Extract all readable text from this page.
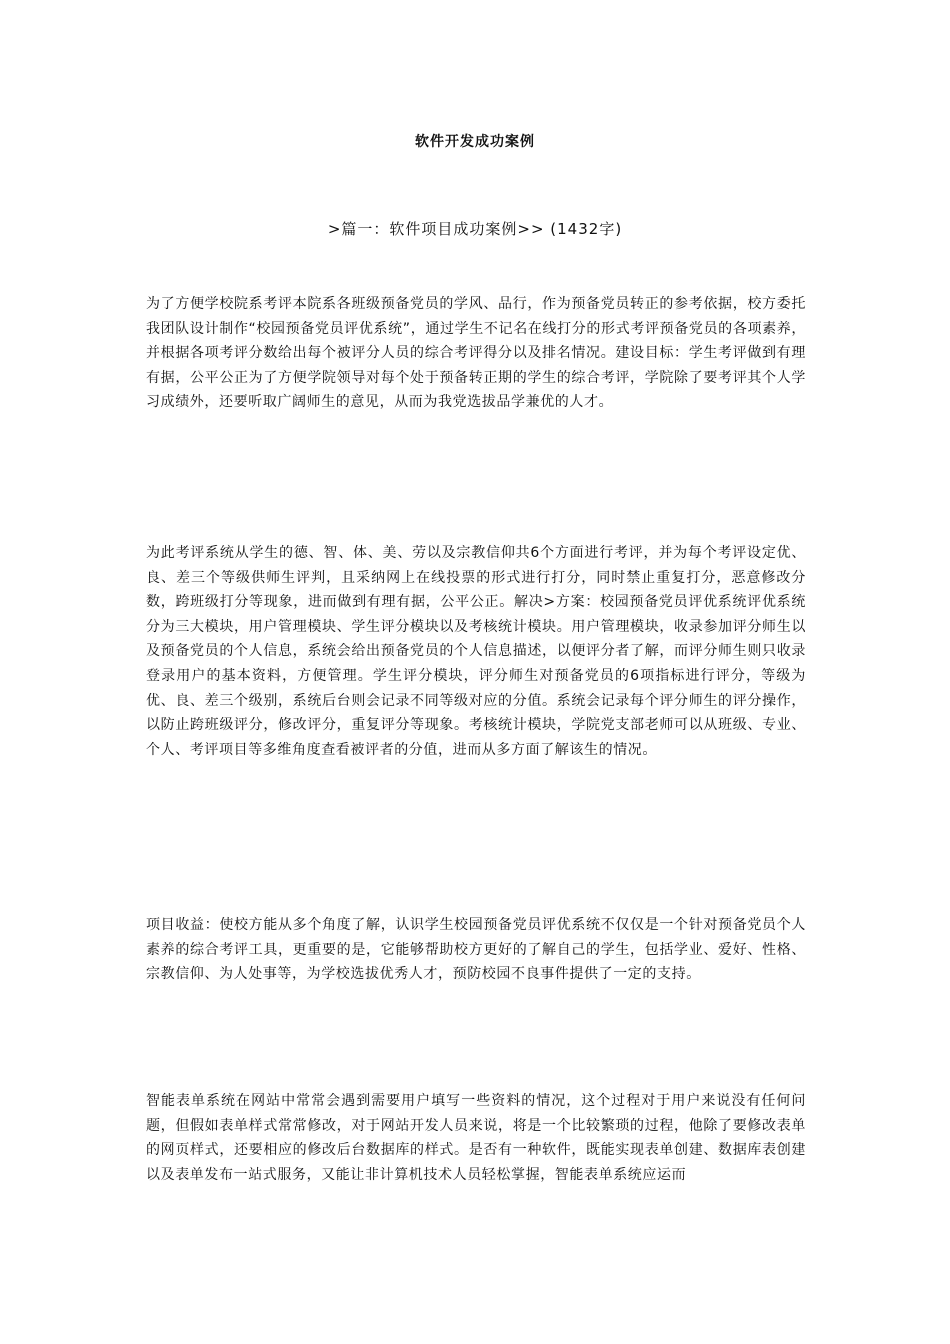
软件开发成功案例
>篇一：软件项目成功案例>> (1432字)

为了方便学校院系考评本院系各班级预备党员的学风、品行，作为预备党员转正的参考依据，校方委托我团队设计制作“校园预备党员评优系统”，通过学生不记名在线打分的形式考评预备党员的各项素养，并根据各项考评分数给出每个被评分人员的综合考评得分以及排名情况。建设目标：学生考评做到有理有据，公平公正为了方便学院领导对每个处于预备转正期的学生的综合考评，学院除了要考评其个人学习成绩外，还要听取广阔师生的意见，从而为我党选拔品学兼优的人才。

为此考评系统从学生的德、智、体、美、劳以及宗教信仰共6个方面进行考评，并为每个考评设定优、良、差三个等级供师生评判，且采纳网上在线投票的形式进行打分，同时禁止重复打分，恶意修改分数，跨班级打分等现象，进而做到有理有据，公平公正。解决>方案：校园预备党员评优系统评优系统分为三大模块，用户管理模块、学生评分模块以及考核统计模块。用户管理模块，收录参加评分师生以及预备党员的个人信息，系统会给出预备党员的个人信息描述，以便评分者了解，而评分师生则只收录登录用户的基本资料，方便管理。学生评分模块，评分师生对预备党员的6项指标进行评分，等级为优、良、差三个级别，系统后台则会记录不同等级对应的分值。系统会记录每个评分师生的评分操作，以防止跨班级评分，修改评分，重复评分等现象。考核统计模块，学院党支部老师可以从班级、专业、个人、考评项目等多维角度查看被评者的分值，进而从多方面了解该生的情况。

项目收益：使校方能从多个角度了解，认识学生校园预备党员评优系统不仅仅是一个针对预备党员个人素养的综合考评工具，更重要的是，它能够帮助校方更好的了解自己的学生，包括学业、爱好、性格、宗教信仰、为人处事等，为学校选拔优秀人才，预防校园不良事件提供了一定的支持。

智能表单系统在网站中常常会遇到需要用户填写一些资料的情况，这个过程对于用户来说没有任何问题，但假如表单样式常常修改，对于网站开发人员来说，将是一个比较繁琐的过程，他除了要修改表单的网页样式，还要相应的修改后台数据库的样式。是否有一种软件，既能实现表单创建、数据库表创建以及表单发布一站式服务，又能让非计算机技术人员轻松掌握，智能表单系统应运而
